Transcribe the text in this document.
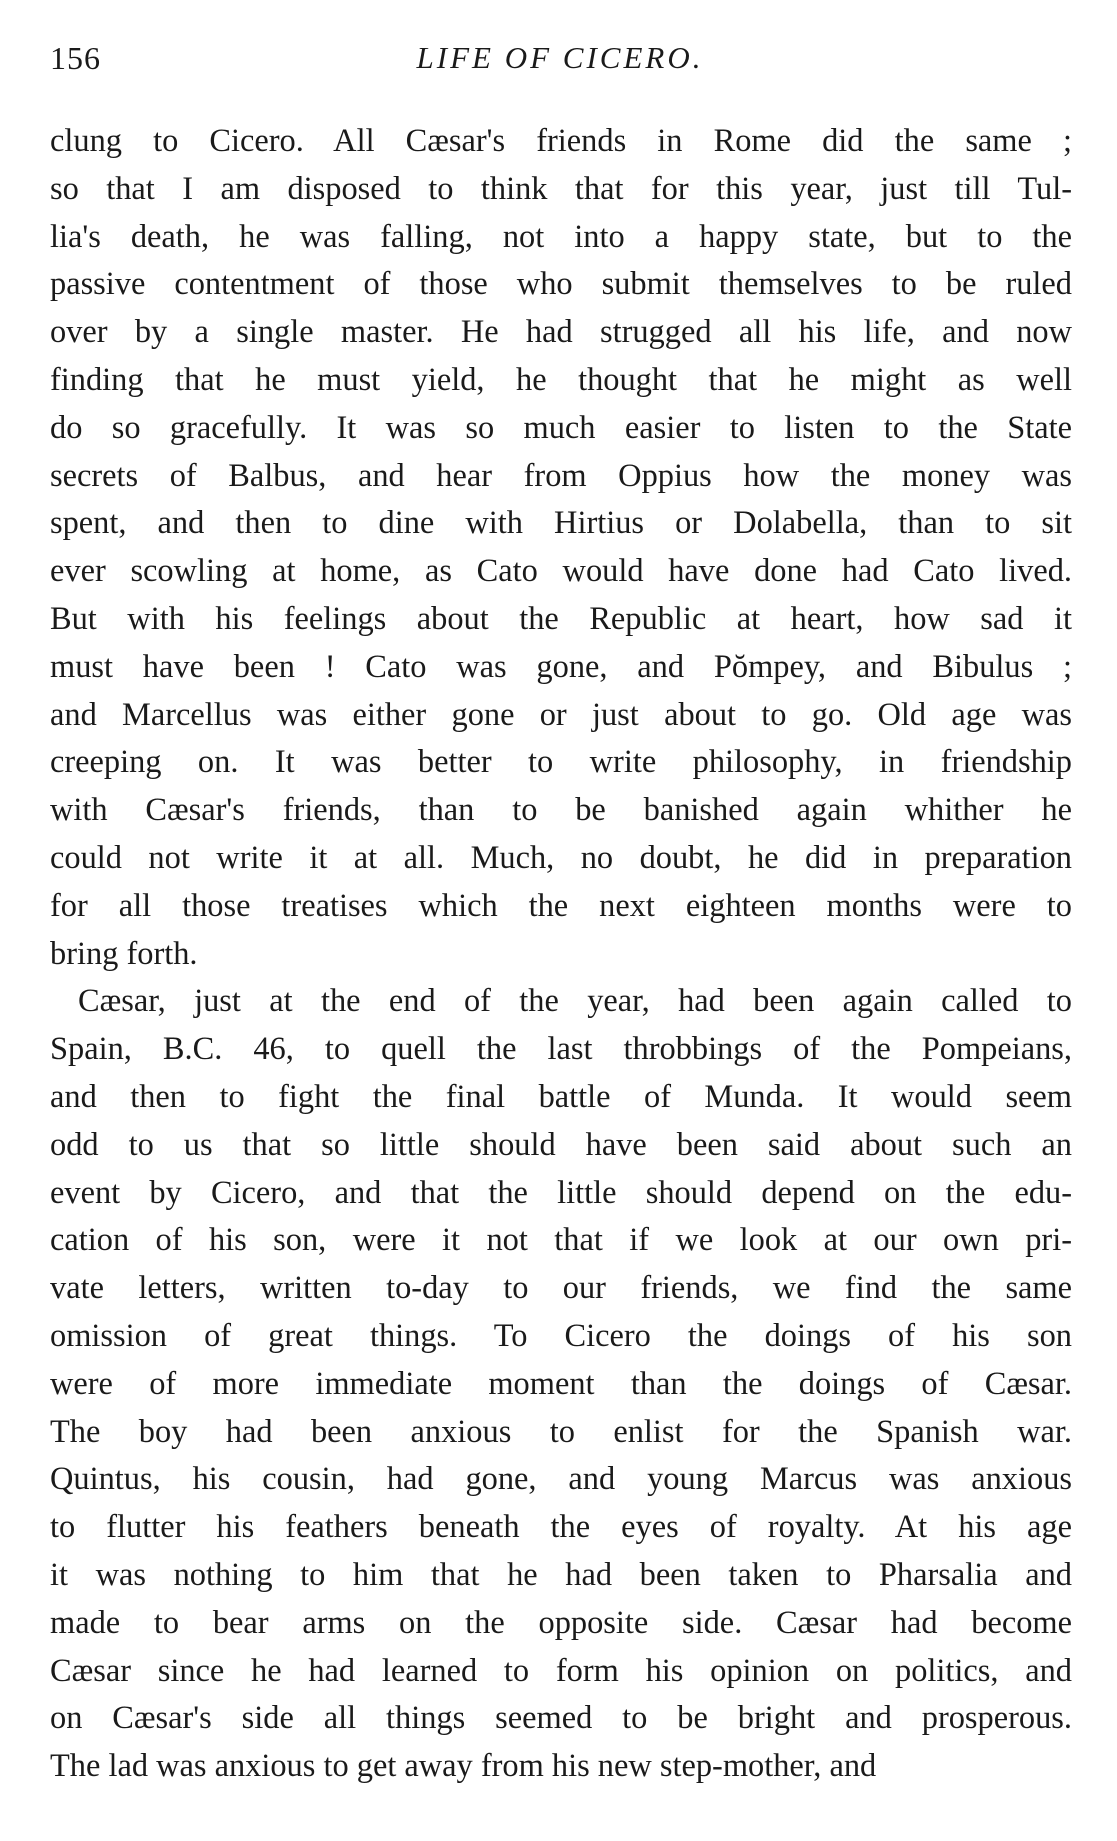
156	LIFE OF CICERO.
clung to Cicero. All Cæsar's friends in Rome did the same ;
so that I am disposed to think that for this year, just till Tul-
lia's death, he was falling, not into a happy state, but to the
passive contentment of those who submit themselves to be ruled
over by a single master. He had strugged all his life, and now
finding that he must yield, he thought that he might as well
do so gracefully. It was so much easier to listen to the State
secrets of Balbus, and hear from Oppius how the money was
spent, and then to dine with Hirtius or Dolabella, than to sit
ever scowling at home, as Cato would have done had Cato lived.
But with his feelings about the Republic at heart, how sad it
must have been ! Cato was gone, and Pŏmpey, and Bibulus ;
and Marcellus was either gone or just about to go. Old age was
creeping on. It was better to write philosophy, in friendship
with Cæsar's friends, than to be banished again whither he
could not write it at all. Much, no doubt, he did in preparation
for all those treatises which the next eighteen months were to
bring forth.
Cæsar, just at the end of the year, had been again called to
Spain, B.C. 46, to quell the last throbbings of the Pompeians,
and then to fight the final battle of Munda. It would seem
odd to us that so little should have been said about such an
event by Cicero, and that the little should depend on the edu-
cation of his son, were it not that if we look at our own pri-
vate letters, written to-day to our friends, we find the same
omission of great things. To Cicero the doings of his son
were of more immediate moment than the doings of Cæsar.
The boy had been anxious to enlist for the Spanish war.
Quintus, his cousin, had gone, and young Marcus was anxious
to flutter his feathers beneath the eyes of royalty. At his age
it was nothing to him that he had been taken to Pharsalia and
made to bear arms on the opposite side. Cæsar had become
Cæsar since he had learned to form his opinion on politics, and
on Cæsar's side all things seemed to be bright and prosperous.
The lad was anxious to get away from his new step-mother, and
